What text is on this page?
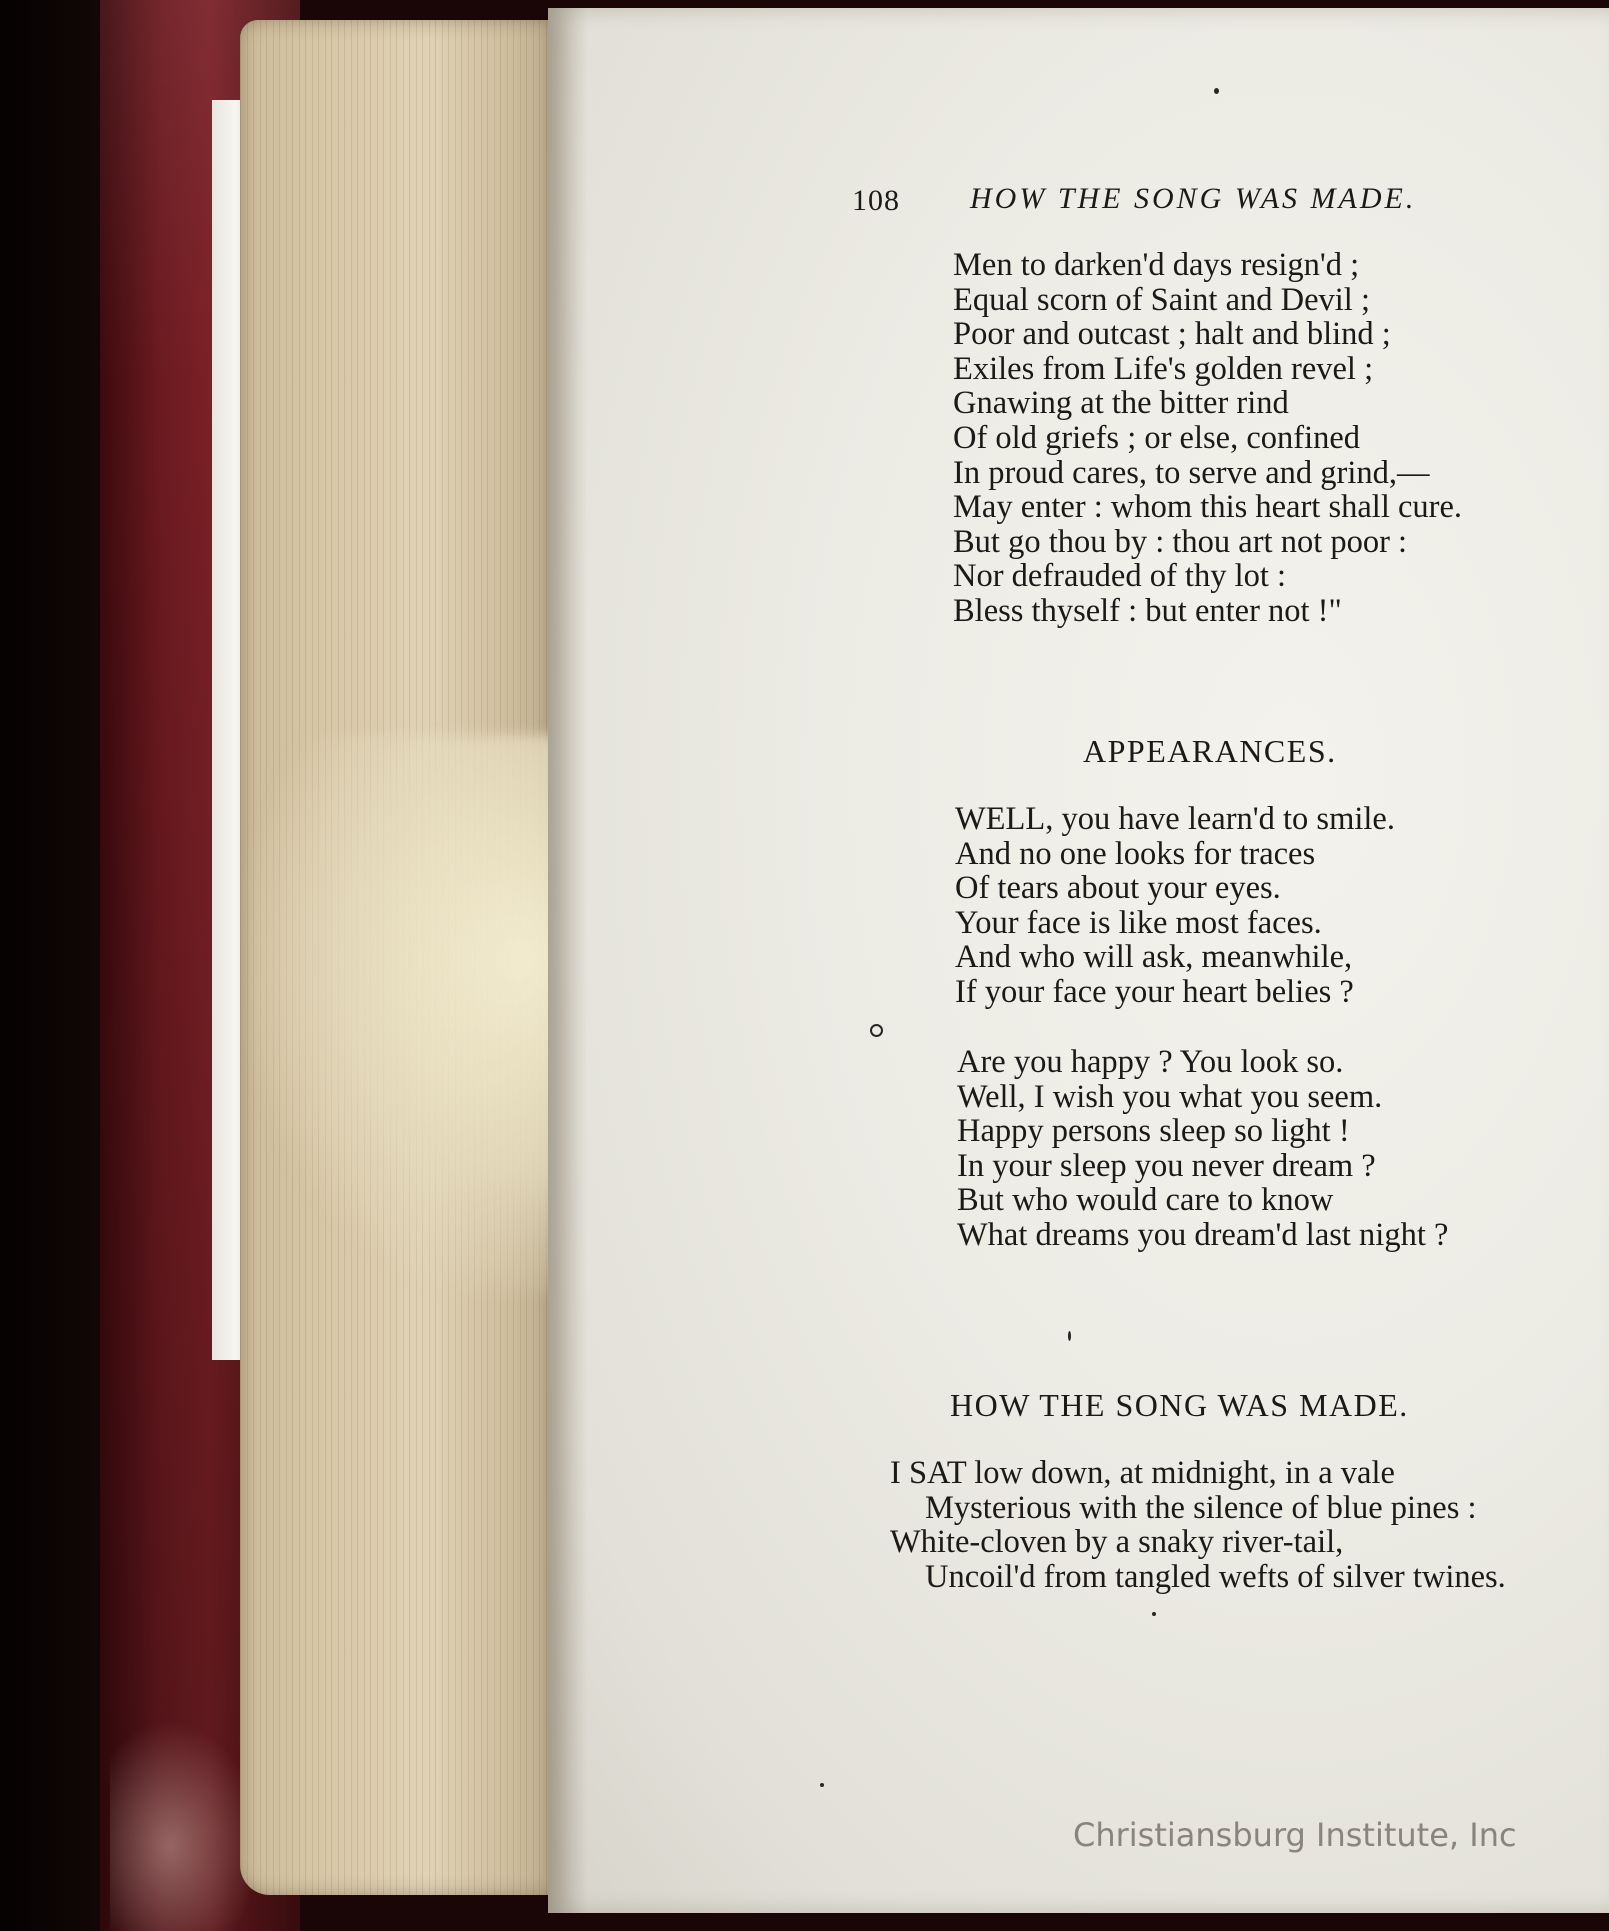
108 HOW THE SONG WAS MADE.
Men to darken'd days resign'd ;
Equal scorn of Saint and Devil ;
Poor and outcast ; halt and blind ;
Exiles from Life's golden revel ;
Gnawing at the bitter rind
Of old griefs ; or else, confined
In proud cares, to serve and grind,—
May enter : whom this heart shall cure.
But go thou by : thou art not poor :
Nor defrauded of thy lot :
Bless thyself : but enter not !"
APPEARANCES.
WELL, you have learn'd to smile.
And no one looks for traces
Of tears about your eyes.
Your face is like most faces.
And who will ask, meanwhile,
If your face your heart belies ?
Are you happy ? You look so.
Well, I wish you what you seem.
Happy persons sleep so light !
In your sleep you never dream ?
But who would care to know
What dreams you dream'd last night ?
HOW THE SONG WAS MADE.
I SAT low down, at midnight, in a vale
Mysterious with the silence of blue pines :
White-cloven by a snaky river-tail,
Uncoil'd from tangled wefts of silver twines.
Christiansburg Institute, Inc
